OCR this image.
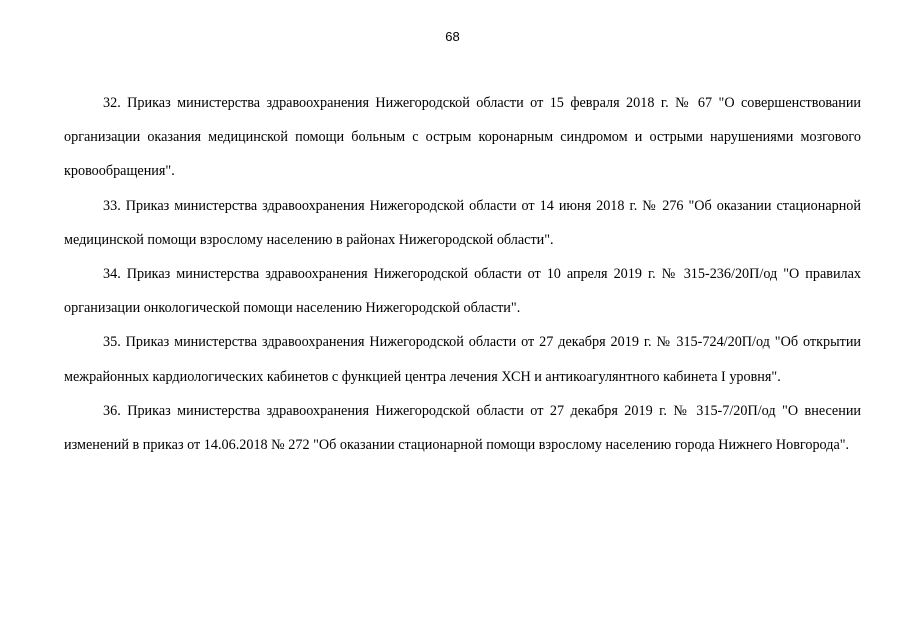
68

32. Приказ министерства здравоохранения Нижегородской области от 15 февраля 2018 г. № 67 "О совершенствовании организации оказания медицинской помощи больным с острым коронарным синдромом и острыми нарушениями мозгового кровообращения".

33. Приказ министерства здравоохранения Нижегородской области от 14 июня 2018 г. № 276 "Об оказании стационарной медицинской помощи взрослому населению в районах Нижегородской области".

34. Приказ министерства здравоохранения Нижегородской области от 10 апреля 2019 г. № 315-236/20П/од "О правилах организации онкологической помощи населению Нижегородской области".

35. Приказ министерства здравоохранения Нижегородской области от 27 декабря 2019 г. № 315-724/20П/од "Об открытии межрайонных кардиологических кабинетов с функцией центра лечения ХСН и антикоагулянтного кабинета I уровня".

36. Приказ министерства здравоохранения Нижегородской области от 27 декабря 2019 г. № 315-7/20П/од "О внесении изменений в приказ от 14.06.2018 № 272 "Об оказании стационарной помощи взрослому населению города Нижнего Новгорода".
